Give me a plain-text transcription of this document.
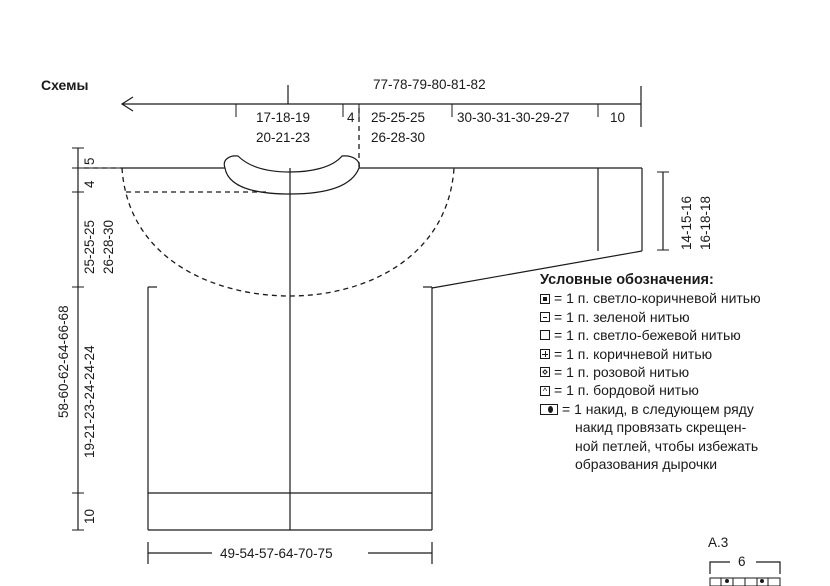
Схемы	77-78-79-80-81-82
17-18-19
20-21-23
4 25-25-25
26-28-30
30-30-31-30-29-27	10
5
4
25-25-25 26-28-30
58-60-62-64-66-68 19-21-23-24-24-24
10
14-15-16 16-18-18
49-54-57-64-70-75
A.3
6
Условные обозначения:
= 1 п. светло-коричневой нитью
= 1 п. зеленой нитью
= 1 п. светло-бежевой нитью
= 1 п. коричневой нитью
= 1 п. розовой нитью
^ = 1 п. бордовой нитью
= 1 накид, в следующем ряду
накид провязать скрещен-
ной петлей, чтобы избежать
образования дырочки
